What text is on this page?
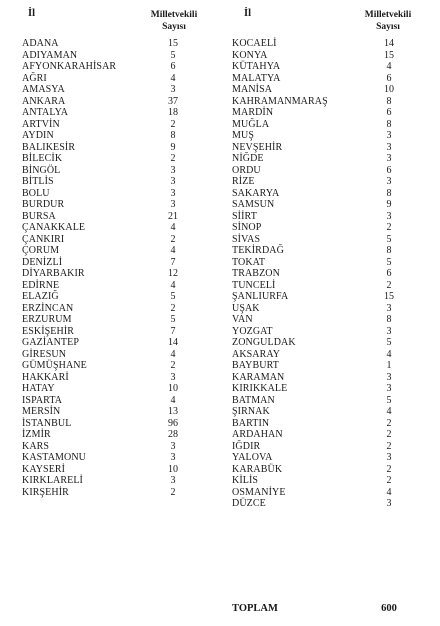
İl	Milletvekili
Sayısı
ADANA	15
ADIYAMAN	5
AFYONKARAHİSAR	6
AĞRI	4
AMASYA	3
ANKARA	37
ANTALYA	18
ARTVİN	2
AYDIN	8
BALIKESİR	9
BİLECİK	2
BİNGÖL	3
BİTLİS	3
BOLU	3
BURDUR	3
BURSA	21
ÇANAKKALE	4
ÇANKIRI	2
ÇORUM	4
DENİZLİ	7
DİYARBAKIR	12
EDİRNE	4
ELAZIĞ	5
ERZİNCAN	2
ERZURUM	5
ESKİŞEHİR	7
GAZİANTEP	14
GİRESUN	4
GÜMÜŞHANE	2
HAKKARİ	3
HATAY	10
ISPARTA	4
MERSİN	13
İSTANBUL	96
İZMİR	28
KARS	3
KASTAMONU	3
KAYSERİ	10
KIRKLARELİ	3
KIRŞEHİR	2
İl	Milletvekili
Sayısı
KOCAELİ	14
KONYA	15
KÜTAHYA	4
MALATYA	6
MANİSA	10
KAHRAMANMARAŞ	8
MARDİN	6
MUĞLA	8
MUŞ	3
NEVŞEHİR	3
NİĞDE	3
ORDU	6
RİZE	3
SAKARYA	8
SAMSUN	9
SİİRT	3
SİNOP	2
SİVAS	5
TEKİRDAĞ	8
TOKAT	5
TRABZON	6
TUNCELİ	2
ŞANLIURFA	15
UŞAK	3
VAN	8
YOZGAT	3
ZONGULDAK	5
AKSARAY	4
BAYBURT	1
KARAMAN	3
KIRIKKALE	3
BATMAN	5
ŞIRNAK	4
BARTIN	2
ARDAHAN	2
IĞDIR	2
YALOVA	3
KARABÜK	2
KİLİS	2
OSMANİYE	4
DÜZCE	3
TOPLAM	600
